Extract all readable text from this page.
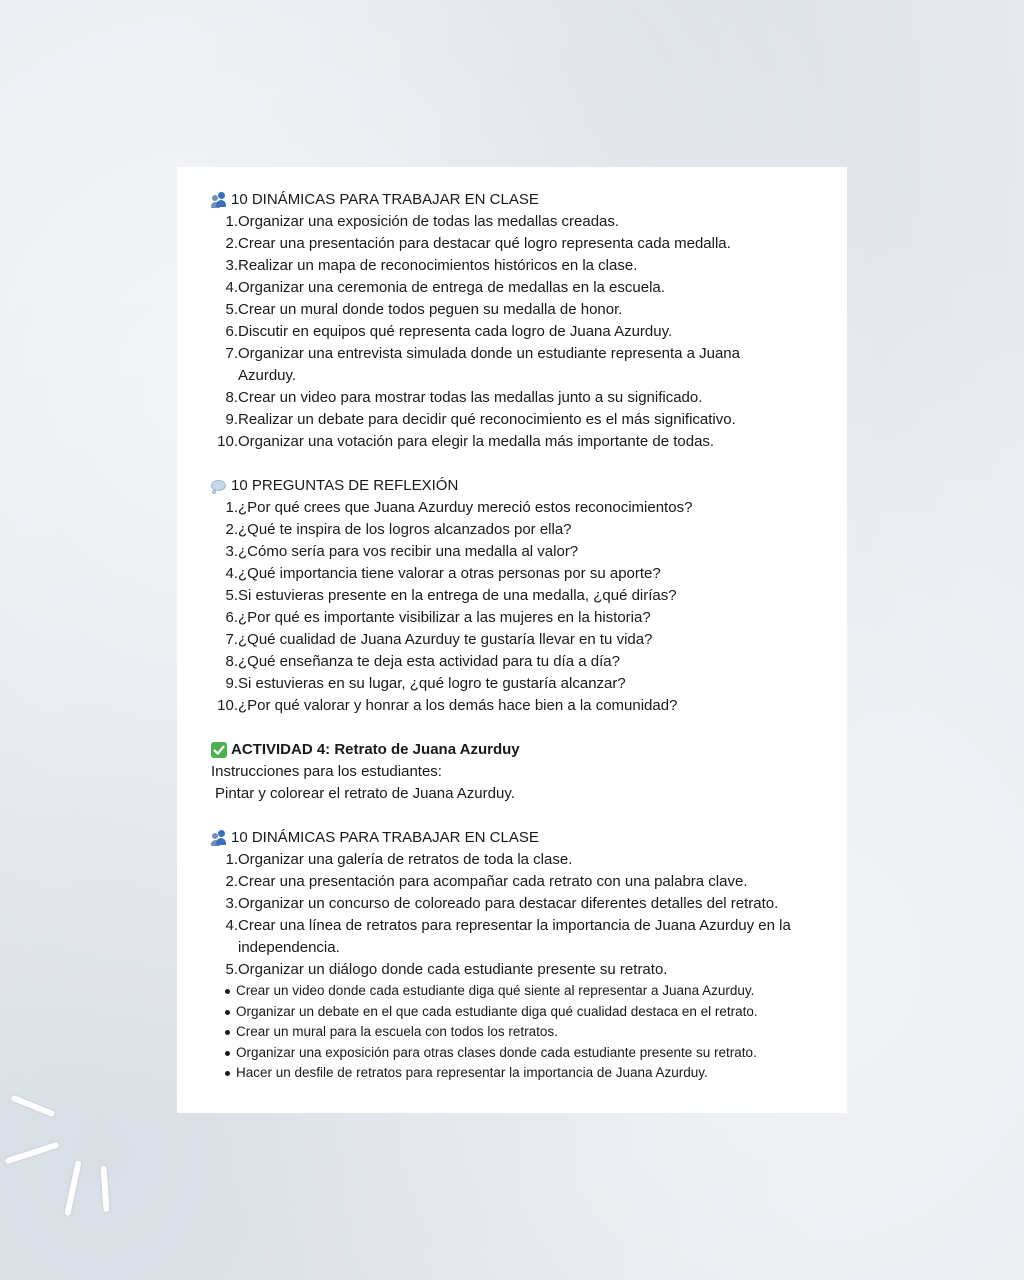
10 DINÁMICAS PARA TRABAJAR EN CLASE
1. Organizar una exposición de todas las medallas creadas.
2. Crear una presentación para destacar qué logro representa cada medalla.
3. Realizar un mapa de reconocimientos históricos en la clase.
4. Organizar una ceremonia de entrega de medallas en la escuela.
5. Crear un mural donde todos peguen su medalla de honor.
6. Discutir en equipos qué representa cada logro de Juana Azurduy.
7. Organizar una entrevista simulada donde un estudiante representa a Juana Azurduy.
8. Crear un video para mostrar todas las medallas junto a su significado.
9. Realizar un debate para decidir qué reconocimiento es el más significativo.
10. Organizar una votación para elegir la medalla más importante de todas.
10 PREGUNTAS DE REFLEXIÓN
1. ¿Por qué crees que Juana Azurduy mereció estos reconocimientos?
2. ¿Qué te inspira de los logros alcanzados por ella?
3. ¿Cómo sería para vos recibir una medalla al valor?
4. ¿Qué importancia tiene valorar a otras personas por su aporte?
5. Si estuvieras presente en la entrega de una medalla, ¿qué dirías?
6. ¿Por qué es importante visibilizar a las mujeres en la historia?
7. ¿Qué cualidad de Juana Azurduy te gustaría llevar en tu vida?
8. ¿Qué enseñanza te deja esta actividad para tu día a día?
9. Si estuvieras en su lugar, ¿qué logro te gustaría alcanzar?
10. ¿Por qué valorar y honrar a los demás hace bien a la comunidad?
ACTIVIDAD 4: Retrato de Juana Azurduy
Instrucciones para los estudiantes:
Pintar y colorear el retrato de Juana Azurduy.
10 DINÁMICAS PARA TRABAJAR EN CLASE
1. Organizar una galería de retratos de toda la clase.
2. Crear una presentación para acompañar cada retrato con una palabra clave.
3. Organizar un concurso de coloreado para destacar diferentes detalles del retrato.
4. Crear una línea de retratos para representar la importancia de Juana Azurduy en la independencia.
5. Organizar un diálogo donde cada estudiante presente su retrato.
Crear un video donde cada estudiante diga qué siente al representar a Juana Azurduy.
Organizar un debate en el que cada estudiante diga qué cualidad destaca en el retrato.
Crear un mural para la escuela con todos los retratos.
Organizar una exposición para otras clases donde cada estudiante presente su retrato.
Hacer un desfile de retratos para representar la importancia de Juana Azurduy.
